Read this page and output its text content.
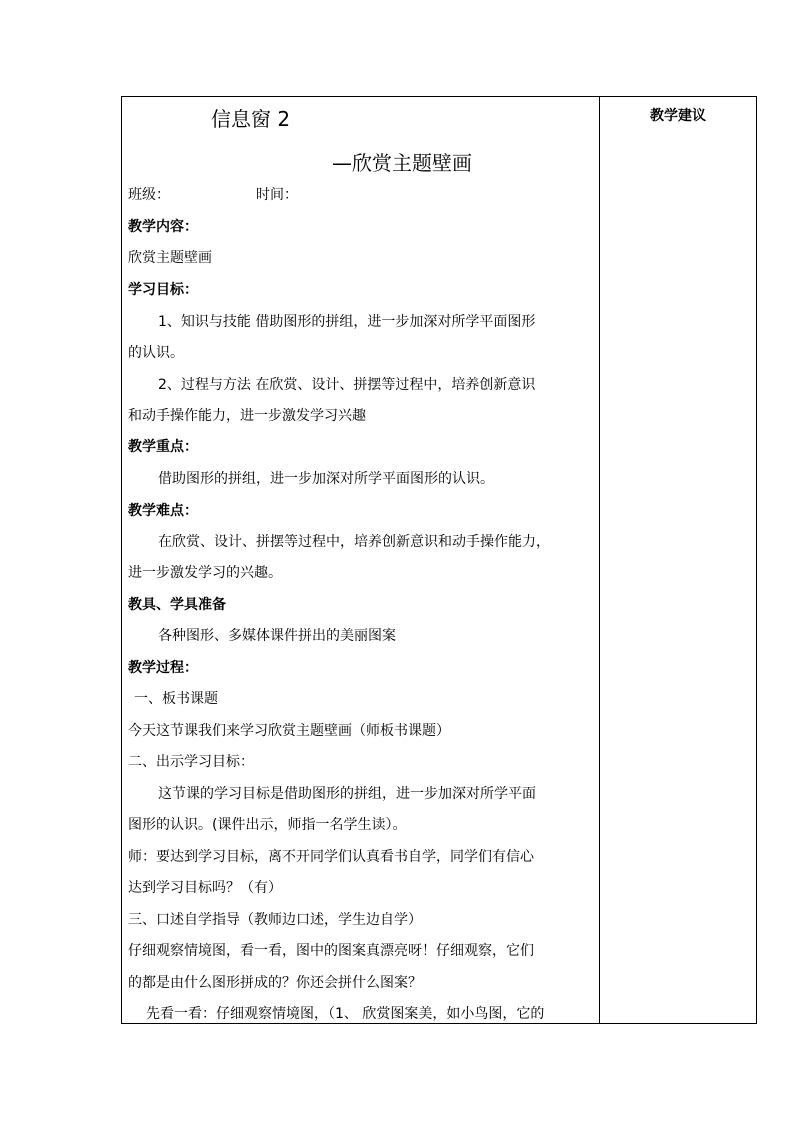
信息窗 2
—欣赏主题壁画
班级：	时间：
教学内容：
欣赏主题壁画
学习目标：
1、知识与技能 借助图形的拼组，进一步加深对所学平面图形
的认识。
2、过程与方法 在欣赏、设计、拼摆等过程中，培养创新意识
和动手操作能力，进一步激发学习兴趣
教学重点：
借助图形的拼组，进一步加深对所学平面图形的认识。
教学难点：
在欣赏、设计、拼摆等过程中，培养创新意识和动手操作能力，
进一步激发学习的兴趣。
教具、学具准备
各种图形、多媒体课件拼出的美丽图案
教学过程：
一、板书课题
今天这节课我们来学习欣赏主题壁画（师板书课题）
二、出示学习目标：
这节课的学习目标是借助图形的拼组，进一步加深对所学平面
图形的认识。(课件出示，师指一名学生读）。
师：要达到学习目标，离不开同学们认真看书自学，同学们有信心
达到学习目标吗？（有）
三、口述自学指导（教师边口述，学生边自学）
仔细观察情境图，看一看，图中的图案真漂亮呀！仔细观察，它们
的都是由什么图形拼成的？你还会拼什么图案？
先看一看：仔细观察情境图，（1、 欣赏图案美，如小鸟图，它的
教学建议
